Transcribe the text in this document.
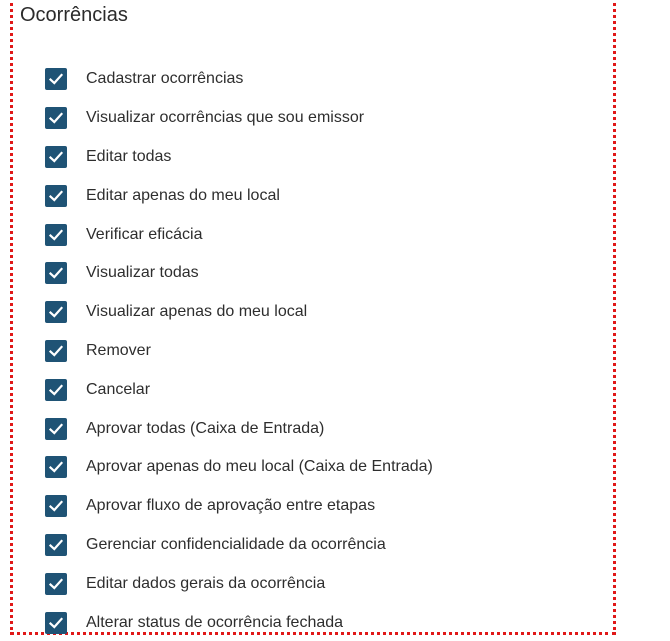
Ocorrências
Cadastrar ocorrências
Visualizar ocorrências que sou emissor
Editar todas
Editar apenas do meu local
Verificar eficácia
Visualizar todas
Visualizar apenas do meu local
Remover
Cancelar
Aprovar todas (Caixa de Entrada)
Aprovar apenas do meu local (Caixa de Entrada)
Aprovar fluxo de aprovação entre etapas
Gerenciar confidencialidade da ocorrência
Editar dados gerais da ocorrência
Alterar status de ocorrência fechada
